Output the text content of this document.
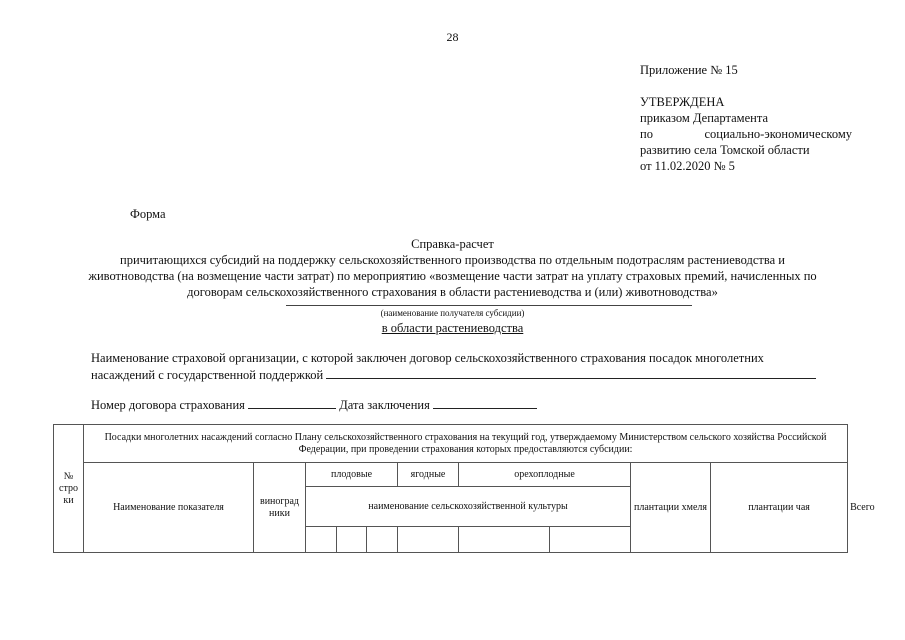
28
Приложение № 15
УТВЕРЖДЕНА
приказом Департамента
по	социально-экономическому
развитию села Томской области
от 11.02.2020 № 5
Форма
Справка-расчет
причитающихся субсидий на поддержку сельскохозяйственного производства по отдельным подотраслям растениеводства и
животноводства (на возмещение части затрат) по мероприятию «возмещение части затрат на уплату страховых премий, начисленных по
договорам сельскохозяйственного страхования в области растениеводства и (или) животноводства»
(наименование получателя субсидии)
в области растениеводства
Наименование страховой организации, с которой заключен договор сельскохозяйственного страхования посадок многолетних
насаждений с государственной поддержкой
Номер договора страхования	Дата заключения
№ стро ки	Посадки многолетних насаждений согласно Плану сельскохозяйственного страхования на текущий год, утверждаемому Министерством сельского хозяйства Российской Федерации, при проведении страхования которых предоставляются субсидии:										
	Наименование показателя	виноград ники	плодовые			ягодные	орехоплодные		плантации хмеля	плантации чая	Всего
			наименование сельскохозяйственной культуры								
